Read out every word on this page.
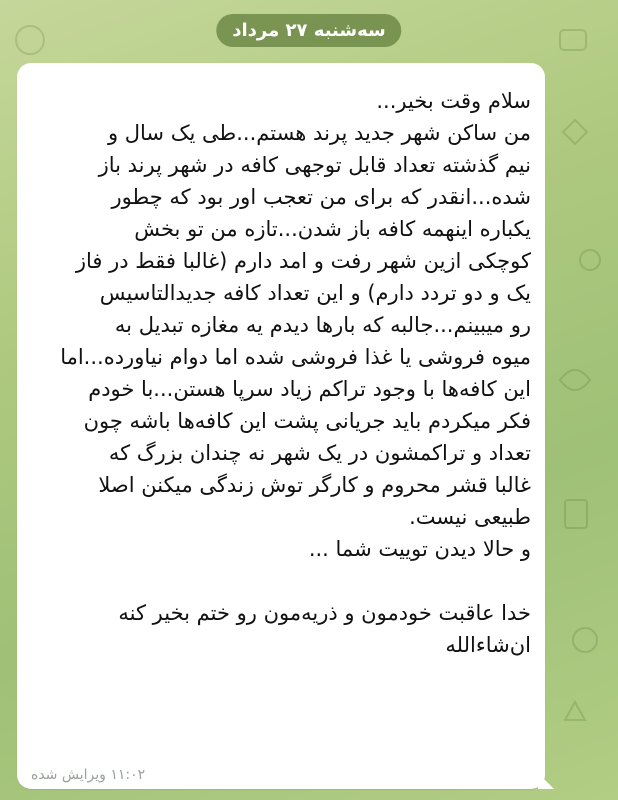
سه‌شنبه ۲۷ مرداد
سلام وقت بخیر...
من ساکن شهر جدید پرند هستم...طی یک سال و
نیم گذشته تعداد قابل توجهی کافه در شهر پرند باز
شده...انقدر که برای من تعجب اور بود که چطور
یکباره اینهمه کافه باز شدن...تازه من تو بخش
کوچکی ازین شهر رفت و امد دارم (غالبا فقط در فاز
یک و دو تردد دارم) و این تعداد کافه جدیدالتاسیس
رو میبینم...جالبه که بارها دیدم یه مغازه تبدیل به
میوه فروشی یا غذا فروشی شده اما دوام نیاورده...اما
این کافه‌ها با وجود تراکم زیاد سرپا هستن...با خودم
فکر میکردم باید جریانی پشت این کافه‌ها باشه چون
تعداد و تراکمشون در یک شهر نه چندان بزرگ که
غالبا قشر محروم و کارگر توش زندگی میکنن اصلا
طبیعی نیست.
و حالا دیدن توییت شما ...
خدا عاقبت خودمون و ذریه‌مون رو ختم بخیر کنه
ان‌شاءالله
۱۱:۰۲ ویرایش شده
